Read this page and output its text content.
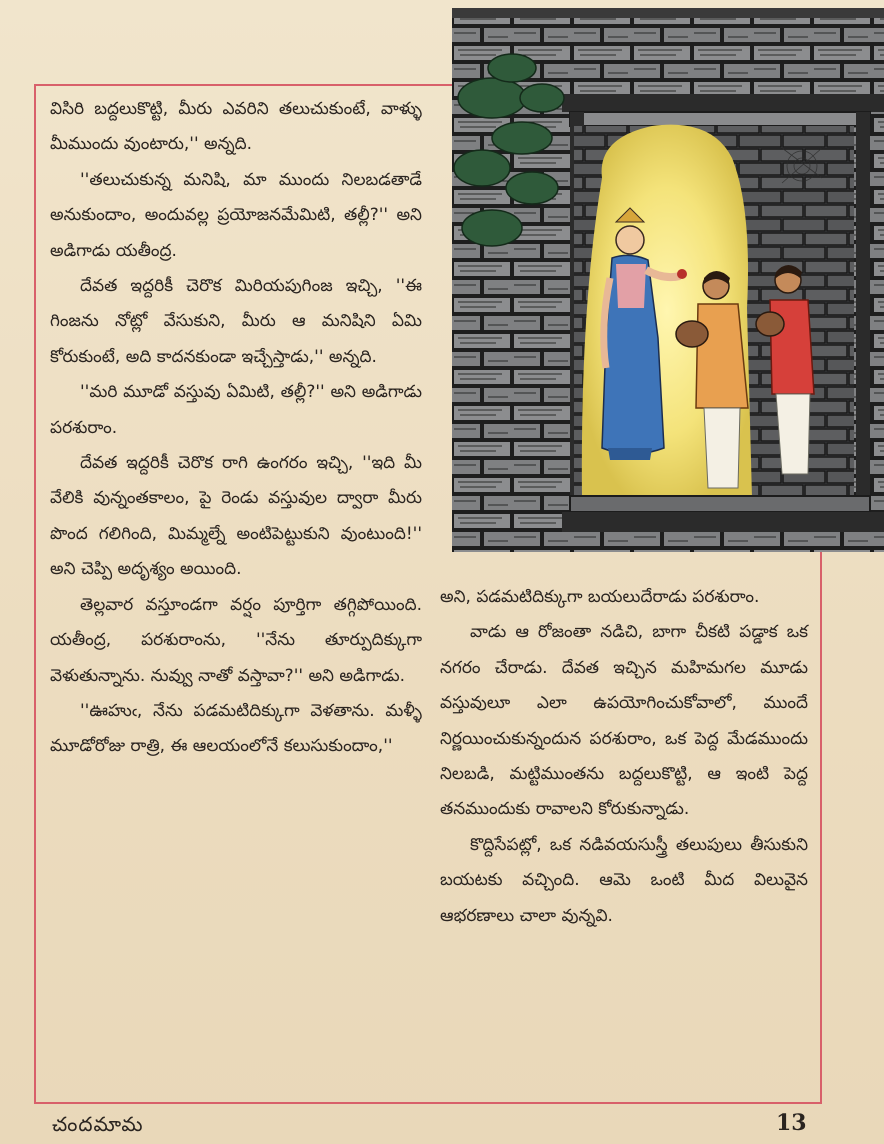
విసిరి బద్దలుకొట్టి, మీరు ఎవరిని తలుచుకుంటే, వాళ్ళు మీముందు వుంటారు,'' అన్నది.

''తలుచుకున్న మనిషి, మా ముందు నిలబడతాడే అనుకుందాం, అందువల్ల ప్రయోజనమేమిటి, తల్లీ?'' అని అడిగాడు యతీంద్ర.

దేవత ఇద్దరికీ చెరొక మిరియపుగింజ ఇచ్చి, ''ఈ గింజను నోట్లో వేసుకుని, మీరు ఆ మనిషిని ఏమి కోరుకుంటే, అది కాదనకుండా ఇచ్చేస్తాడు,'' అన్నది.

''మరి మూడో వస్తువు ఏమిటి, తల్లీ?'' అని అడిగాడు పరశురాం.

దేవత ఇద్దరికీ చెరొక రాగి ఉంగరం ఇచ్చి, ''ఇది మీ వేలికి వున్నంతకాలం, పై రెండు వస్తువుల ద్వారా మీరు పొంద గలిగింది, మిమ్మల్నే అంటిపెట్టుకుని వుంటుంది!'' అని చెప్పి అదృశ్యం అయింది.

తెల్లవార వస్తూండగా వర్షం పూర్తిగా తగ్గిపోయింది. యతీంద్ర, పరశురాంను, ''నేను తూర్పుదిక్కుగా వెళుతున్నాను. నువ్వు నాతో వస్తావా?'' అని అడిగాడు.

''ఊహుఁ, నేను పడమటిదిక్కుగా వెళతాను. మళ్ళీ మూడోరోజు రాత్రి, ఈ ఆలయంలోనే కలుసుకుందాం,''

అని, పడమటిదిక్కుగా బయలుదేరాడు పరశురాం.

వాడు ఆ రోజంతా నడిచి, బాగా చీకటి పడ్డాక ఒక నగరం చేరాడు. దేవత ఇచ్చిన మహిమగల మూడు వస్తువులూ ఎలా ఉపయోగించుకోవాలో, ముందే నిర్ణయించుకున్నందున పరశురాం, ఒక పెద్ద మేడముందు నిలబడి, మట్టిముంతను బద్దలుకొట్టి, ఆ ఇంటి పెద్ద తనముందుకు రావాలని కోరుకున్నాడు.

కొద్దిసేపట్లో, ఒక నడివయసుస్త్రీ తలుపులు తీసుకుని బయటకు వచ్చింది. ఆమె ఒంటి మీద విలువైన ఆభరణాలు చాలా వున్నవి.

చందమామ	13
